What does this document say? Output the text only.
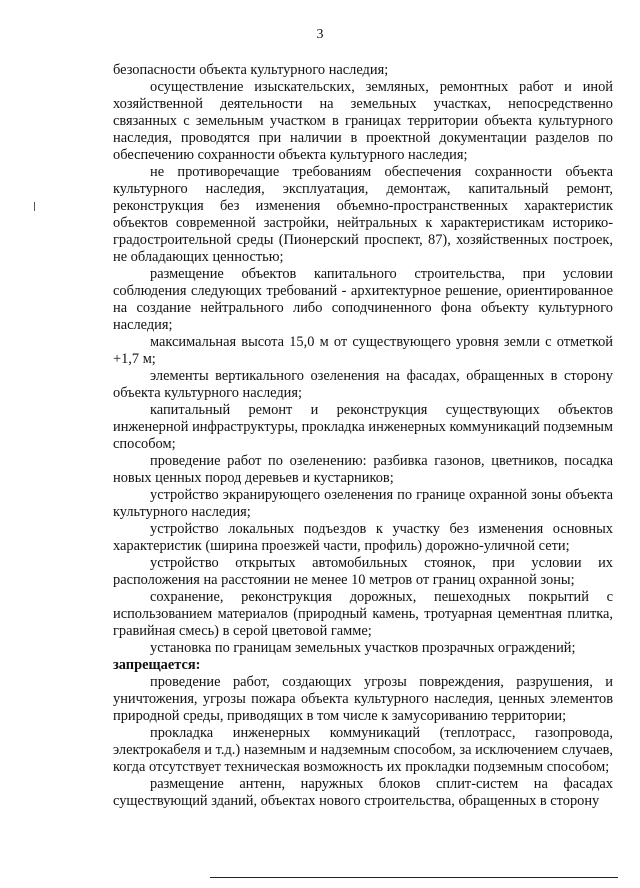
3

безопасности объекта культурного наследия;

осуществление изыскательских, земляных, ремонтных работ и иной хозяйственной деятельности на земельных участках, непосредственно связанных с земельным участком в границах территории объекта культурного наследия, проводятся при наличии в проектной документации разделов по обеспечению сохранности объекта культурного наследия;

не противоречащие требованиям обеспечения сохранности объекта культурного наследия, эксплуатация, демонтаж, капитальный ремонт, реконструкция без изменения объемно-пространственных характеристик объектов современной застройки, нейтральных к характеристикам историко-градостроительной среды (Пионерский проспект, 87), хозяйственных построек, не обладающих ценностью;

размещение объектов капитального строительства, при условии соблюдения следующих требований - архитектурное решение, ориентированное на создание нейтрального либо соподчиненного фона объекту культурного наследия;

максимальная высота 15,0 м от существующего уровня земли с отметкой +1,7 м;

элементы вертикального озеленения на фасадах, обращенных в сторону объекта культурного наследия;

капитальный ремонт и реконструкция существующих объектов инженерной инфраструктуры, прокладка инженерных коммуникаций подземным способом;

проведение работ по озеленению: разбивка газонов, цветников, посадка новых ценных пород деревьев и кустарников;

устройство экранирующего озеленения по границе охранной зоны объекта культурного наследия;

устройство локальных подъездов к участку без изменения основных характеристик (ширина проезжей части, профиль) дорожно-уличной сети;

устройство открытых автомобильных стоянок, при условии их расположения на расстоянии не менее 10 метров от границ охранной зоны;

сохранение, реконструкция дорожных, пешеходных покрытий с использованием материалов (природный камень, тротуарная цементная плитка, гравийная смесь) в серой цветовой гамме;

установка по границам земельных участков прозрачных ограждений;

запрещается:

проведение работ, создающих угрозы повреждения, разрушения, и уничтожения, угрозы пожара объекта культурного наследия, ценных элементов природной среды, приводящих в том числе к замусориванию территории;

прокладка инженерных коммуникаций (теплотрасс, газопровода, электрокабеля и т.д.) наземным и надземным способом, за исключением случаев, когда отсутствует техническая возможность их прокладки подземным способом;

размещение антенн, наружных блоков сплит-систем на фасадах существующий зданий, объектах нового строительства, обращенных в сторону
